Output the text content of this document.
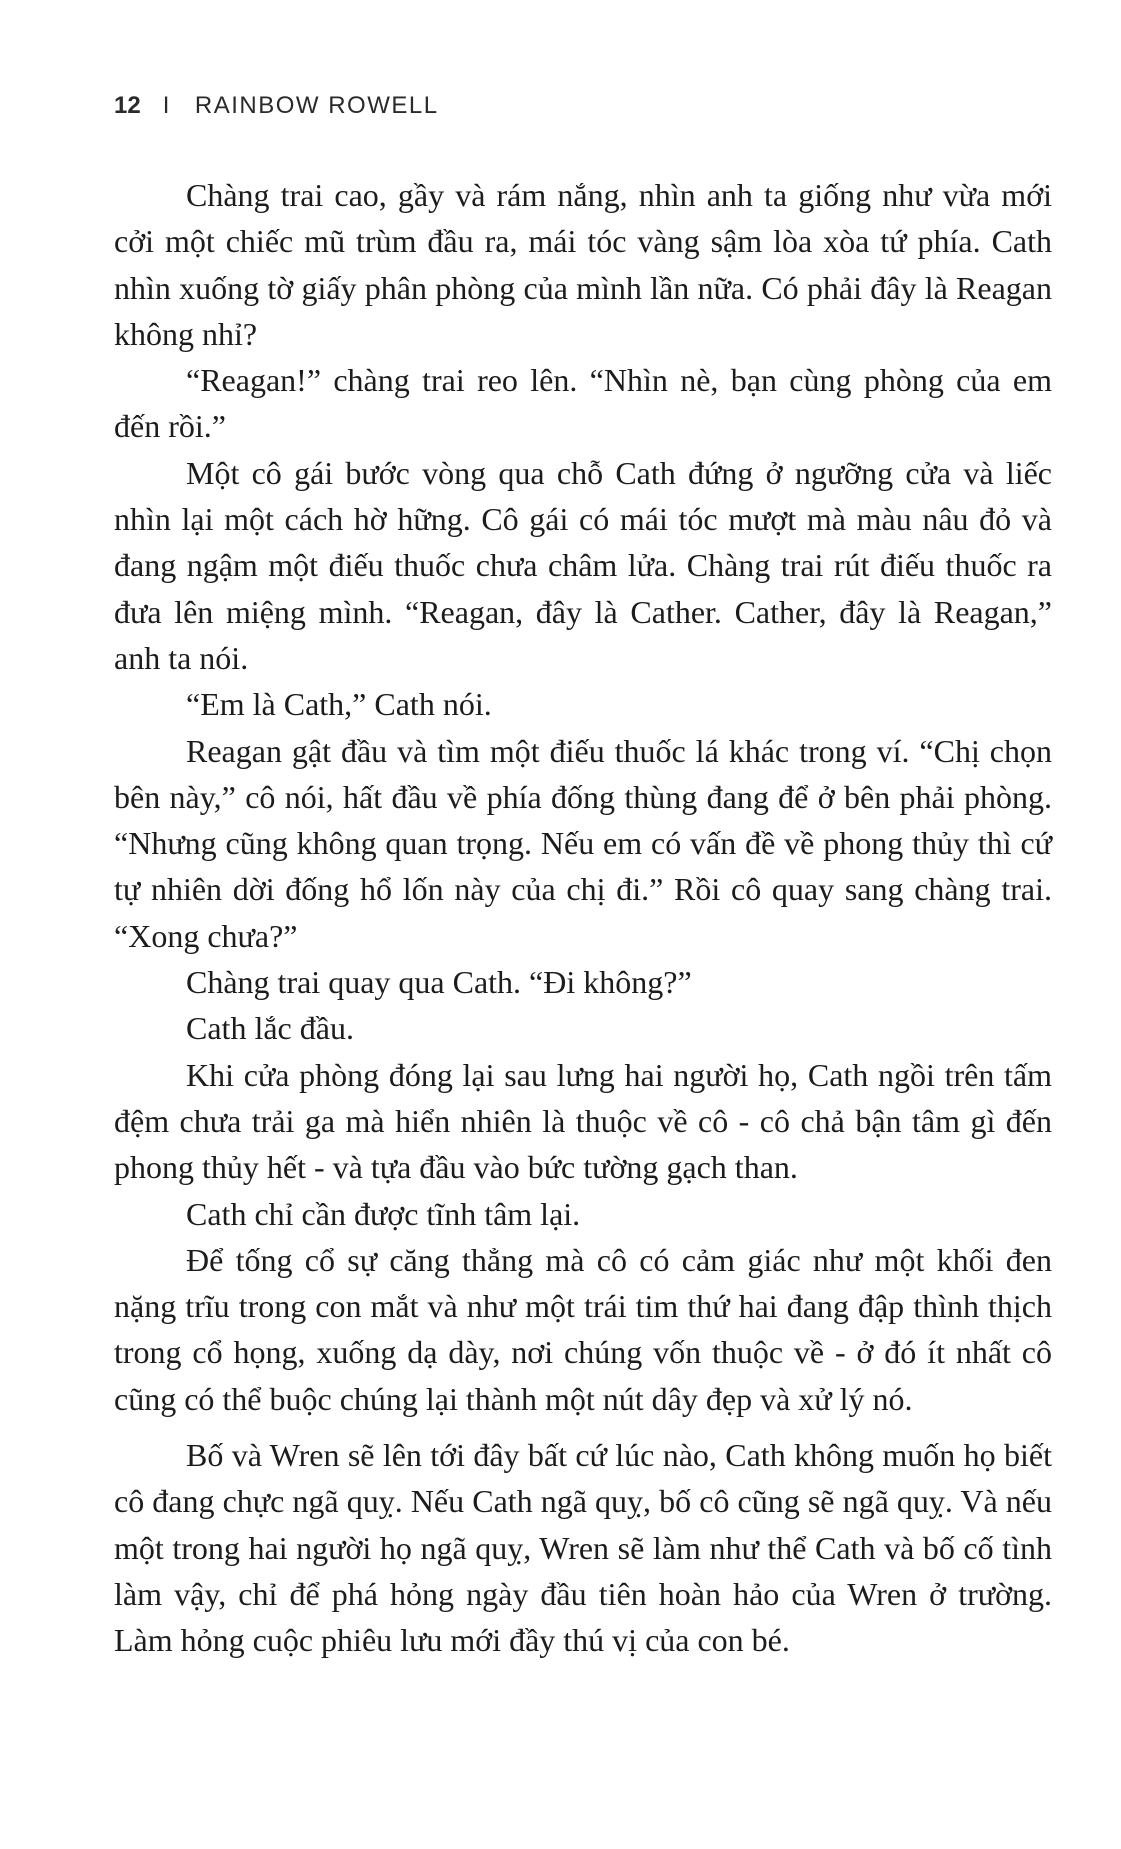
12 I RAINBOW ROWELL

Chàng trai cao, gầy và rám nắng, nhìn anh ta giống như vừa mới cởi một chiếc mũ trùm đầu ra, mái tóc vàng sậm lòa xòa tứ phía. Cath nhìn xuống tờ giấy phân phòng của mình lần nữa. Có phải đây là Reagan không nhỉ?

“Reagan!” chàng trai reo lên. “Nhìn nè, bạn cùng phòng của em đến rồi.”

Một cô gái bước vòng qua chỗ Cath đứng ở ngưỡng cửa và liếc nhìn lại một cách hờ hững. Cô gái có mái tóc mượt mà màu nâu đỏ và đang ngậm một điếu thuốc chưa châm lửa. Chàng trai rút điếu thuốc ra đưa lên miệng mình. “Reagan, đây là Cather. Cather, đây là Reagan,” anh ta nói.

“Em là Cath,” Cath nói.

Reagan gật đầu và tìm một điếu thuốc lá khác trong ví. “Chị chọn bên này,” cô nói, hất đầu về phía đống thùng đang để ở bên phải phòng. “Nhưng cũng không quan trọng. Nếu em có vấn đề về phong thủy thì cứ tự nhiên dời đống hổ lốn này của chị đi.” Rồi cô quay sang chàng trai. “Xong chưa?”

Chàng trai quay qua Cath. “Đi không?”

Cath lắc đầu.

Khi cửa phòng đóng lại sau lưng hai người họ, Cath ngồi trên tấm đệm chưa trải ga mà hiển nhiên là thuộc về cô - cô chả bận tâm gì đến phong thủy hết - và tựa đầu vào bức tường gạch than.

Cath chỉ cần được tĩnh tâm lại.

Để tống cổ sự căng thẳng mà cô có cảm giác như một khối đen nặng trĩu trong con mắt và như một trái tim thứ hai đang đập thình thịch trong cổ họng, xuống dạ dày, nơi chúng vốn thuộc về - ở đó ít nhất cô cũng có thể buộc chúng lại thành một nút dây đẹp và xử lý nó.

Bố và Wren sẽ lên tới đây bất cứ lúc nào, Cath không muốn họ biết cô đang chực ngã quỵ. Nếu Cath ngã quỵ, bố cô cũng sẽ ngã quỵ. Và nếu một trong hai người họ ngã quỵ, Wren sẽ làm như thể Cath và bố cố tình làm vậy, chỉ để phá hỏng ngày đầu tiên hoàn hảo của Wren ở trường. Làm hỏng cuộc phiêu lưu mới đầy thú vị của con bé.
